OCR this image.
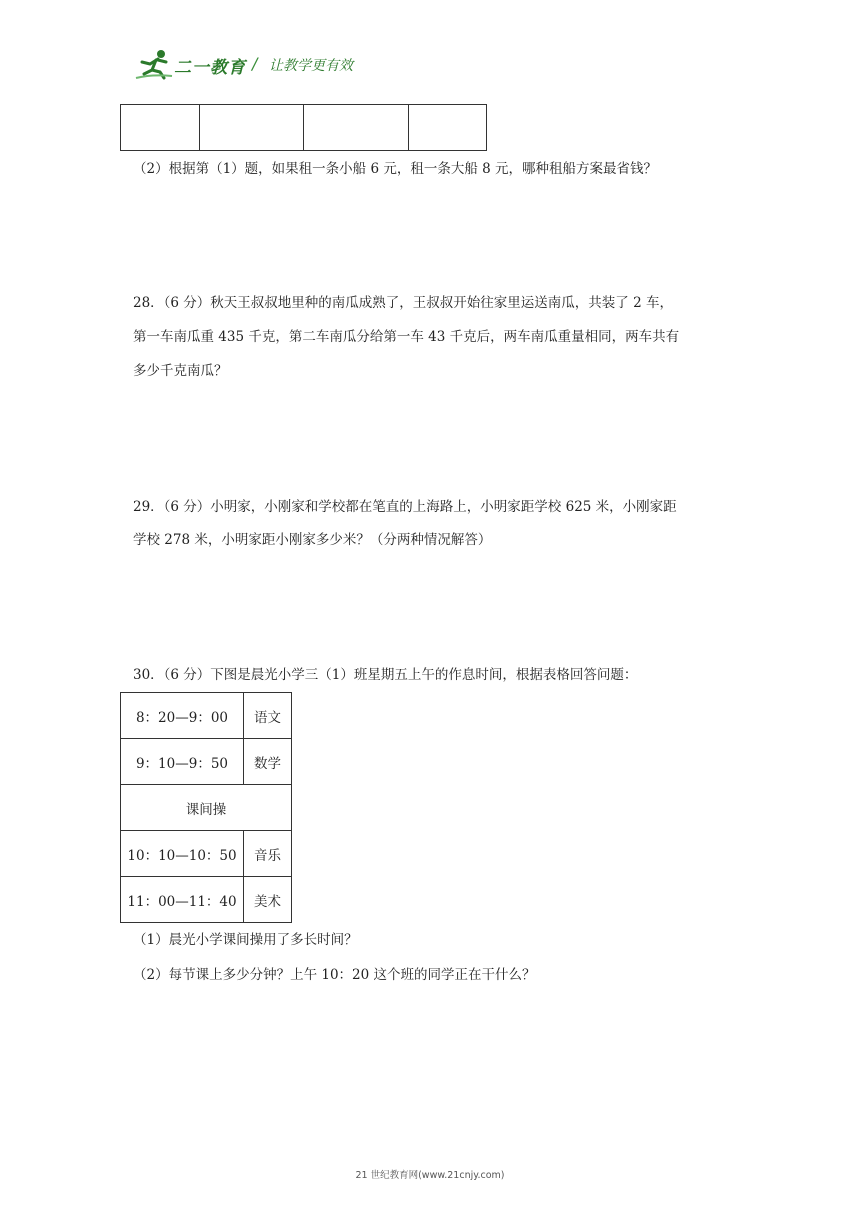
二一教育 / 让教学更有效

（2）根据第（1）题，如果租一条小船 6 元，租一条大船 8 元，哪种租船方案最省钱？
28．（6 分）秋天王叔叔地里种的南瓜成熟了，王叔叔开始往家里运送南瓜，共装了 2 车，
第一车南瓜重 435 千克，第二车南瓜分给第一车 43 千克后，两车南瓜重量相同，两车共有
多少千克南瓜？
29．（6 分）小明家，小刚家和学校都在笔直的上海路上，小明家距学校 625 米，小刚家距
学校 278 米，小明家距小刚家多少米？（分两种情况解答）
30．（6 分）下图是晨光小学三（1）班星期五上午的作息时间，根据表格回答问题：
8：20—9：00	语文
9：10—9：50	数学
课间操	
10：10—10：50	音乐
11：00—11：40	美术
（1）晨光小学课间操用了多长时间？
（2）每节课上多少分钟？上午 10：20 这个班的同学正在干什么？
21 世纪教育网(www.21cnjy.com)
